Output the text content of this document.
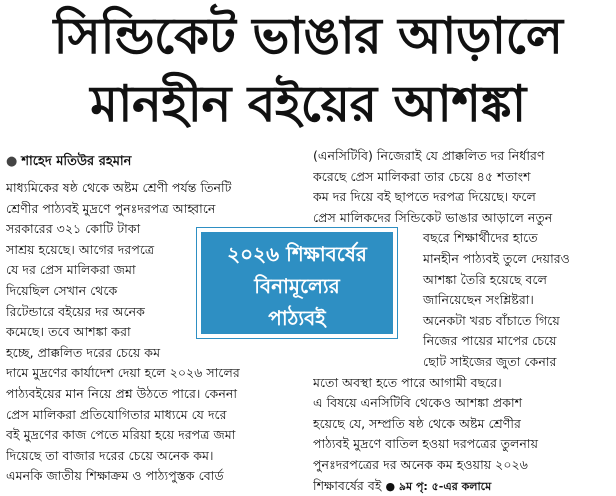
সিন্ডিকেট ভাঙার আড়ালে
মানহীন বইয়ের আশঙ্কা
● শাহেদ মতিউর রহমান
মাধ্যমিকের ষষ্ঠ থেকে অষ্টম শ্রেণী পর্যন্ত তিনটি
শ্রেণীর পাঠ্যবই মুদ্রণে পুনঃদরপত্র আহ্বানে
সরকারের ৩২১ কোটি টাকা
সাশ্রয় হয়েছে। আগের দরপত্রে
যে দর প্রেস মালিকরা জমা
দিয়েছিল সেখান থেকে
রিটেন্ডারে বইয়ের দর অনেক
কমেছে। তবে আশঙ্কা করা
হচ্ছে, প্রাক্কলিত দরের চেয়ে কম
দামে মুদ্রণের কার্যাদেশ দেয়া হলে ২০২৬ সালের
পাঠ্যবইয়ের মান নিয়ে প্রশ্ন উঠতে পারে। কেননা
প্রেস মালিকরা প্রতিযোগিতার মাধ্যমে যে দরে
বই মুদ্রণের কাজ পেতে মরিয়া হয়ে দরপত্র জমা
দিয়েছে তা বাজার দরের চেয়ে অনেক কম।
এমনকি জাতীয় শিক্ষাক্রম ও পাঠ্যপুস্তক বোর্ড
(এনসিটিবি) নিজেরাই যে প্রাক্কলিত দর নির্ধারণ
করেছে প্রেস মালিকরা তার চেয়ে ৪৫ শতাংশ
কম দর দিয়ে বই ছাপতে দরপত্র দিয়েছে। ফলে
প্রেস মালিকদের সিন্ডিকেট ভাঙার আড়ালে নতুন
বছরে শিক্ষার্থীদের হাতে
মানহীন পাঠ্যবই তুলে দেয়ারও
আশঙ্কা তৈরি হয়েছে বলে
জানিয়েছেন সংশ্লিষ্টরা।
অনেকটা খরচ বাঁচাতে গিয়ে
নিজের পায়ের মাপের চেয়ে
ছোট সাইজের জুতা কেনার
মতো অবস্থা হতে পারে আগামী বছরে।
এ বিষয়ে এনসিটিবি থেকেও আশঙ্কা প্রকাশ
হয়েছে যে, সম্প্রতি ষষ্ঠ থেকে অষ্টম শ্রেণীর
পাঠ্যবই মুদ্রণে বাতিল হওয়া দরপত্রের তুলনায়
পুনঃদরপত্রের দর অনেক কম হওয়ায় ২০২৬
শিক্ষাবর্ষের বই ● ৯ম পৃ: ৫-এর কলামে
২০২৬ শিক্ষাবর্ষের
বিনামূল্যের
পাঠ্যবই
